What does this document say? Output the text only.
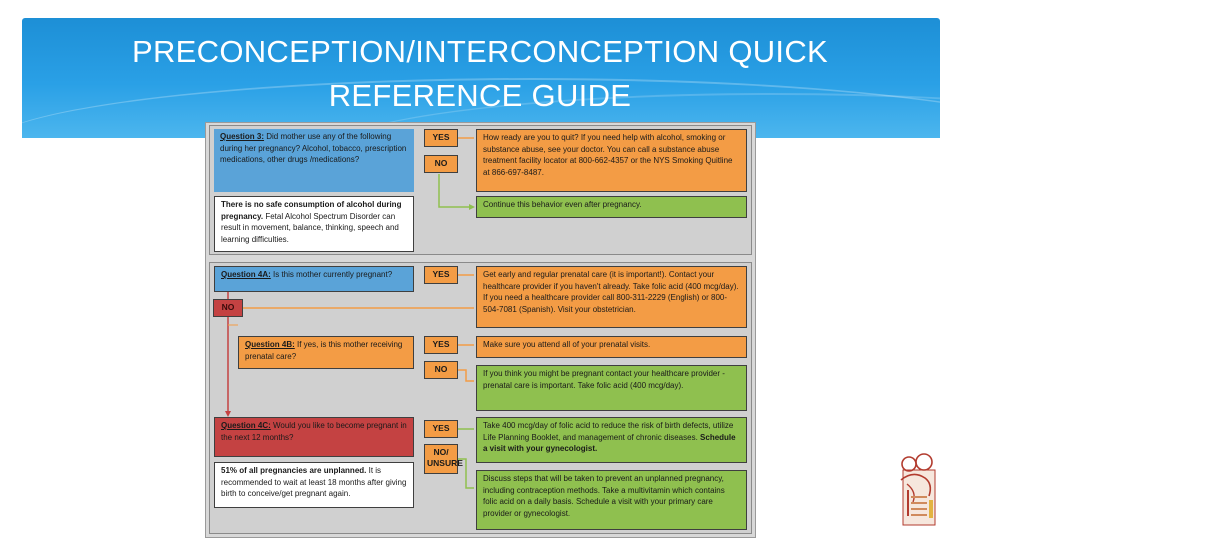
PRECONCEPTION/INTERCONCEPTION QUICK
REFERENCE GUIDE
Question 3: Did mother use any of the following during her pregnancy? Alcohol, tobacco, prescription medications, other drugs /medications?
YES
NO
How ready are you to quit? If you need help with alcohol, smoking or substance abuse, see your doctor. You can call a substance abuse treatment facility locator at 800-662-4357 or the NYS Smoking Quitline at 866-697-8487.
There is no safe consumption of alcohol during pregnancy. Fetal Alcohol Spectrum Disorder can result in movement, balance, thinking, speech and learning difficulties.
Continue this behavior even after pregnancy.
Question 4A: Is this mother currently pregnant?	YES	Get early and regular prenatal care (it is important!). Contact your healthcare provider if you haven't already. Take folic acid (400 mcg/day). If you need a healthcare provider call 800-311-2229 (English) or 800-504-7081 (Spanish). Visit your obstetrician.
NO
Question 4B: If yes, is this mother receiving prenatal care?
YES	Make sure you attend all of your prenatal visits.
NO	If you think you might be pregnant contact your healthcare provider - prenatal care is important. Take folic acid (400 mcg/day).
Question 4C: Would you like to become pregnant in the next 12 months?
YES	Take 400 mcg/day of folic acid to reduce the risk of birth defects, utilize Life Planning Booklet, and management of chronic diseases. Schedule a visit with your gynecologist.
NO/ UNSURE
51% of all pregnancies are unplanned. It is recommended to wait at least 18 months after giving birth to conceive/get pregnant again.
Discuss steps that will be taken to prevent an unplanned pregnancy, including contraception methods. Take a multivitamin which contains folic acid on a daily basis. Schedule a visit with your primary care provider or gynecologist.
